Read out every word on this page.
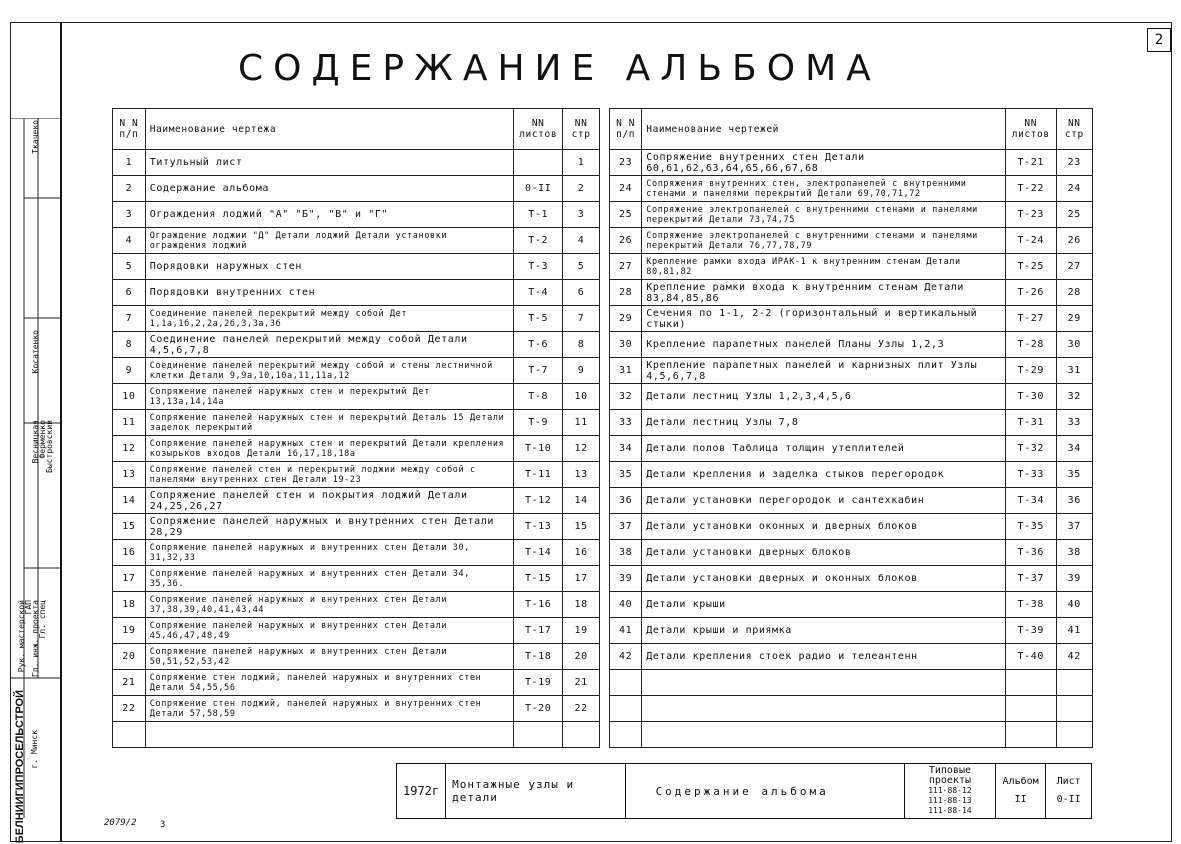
2
СОДЕРЖАНИЕ АЛЬБОМА
N N п/п	Наименование чертежа	NN листов	NN стр
1	Титульный лист		1
2	Содержание альбома	0-II	2
3	Ограждения лоджий "А" "Б", "В" и "Г"	Т-1	3
4	Ограждение лоджии "Д" Детали лоджий Детали установки ограждения лоджий	Т-2	4
5	Порядовки наружных стен	Т-3	5
6	Порядовки внутренних стен	Т-4	6
7	Соединение панелей перекрытий между собой Дет 1,1а,1б,2,2а,2б,3,3а,3б	Т-5	7
8	Соединение панелей перекрытий между собой Детали 4,5,6,7,8	Т-6	8
9	Соединение панелей перекрытий между собой и стены лестничной клетки Детали 9,9а,10,10а,11,11а,12	Т-7	9
10	Сопряжение панелей наружных стен и перекрытий Дет 13,13а,14,14а	Т-8	10
11	Сопряжение панелей наружных стен и перекрытий Деталь 15 Детали заделок перекрытий	Т-9	11
12	Сопряжение панелей наружных стен и перекрытий Детали крепления козырьков входов Детали 16,17,18,18а	Т-10	12
13	Сопряжение панелей стен и перекрытий лоджии между собой с панелями внутренних стен Детали 19-23	Т-11	13
14	Сопряжение панелей стен и покрытия лоджий Детали 24,25,26,27	Т-12	14
15	Сопряжение панелей наружных и внутренних стен Детали 28,29	Т-13	15
16	Сопряжение панелей наружных и внутренних стен Детали 30, 31,32,33	Т-14	16
17	Сопряжение панелей наружных и внутренних стен Детали 34, 35,36.	Т-15	17
18	Сопряжение панелей наружных и внутренних стен Детали 37,38,39,40,41,43,44	Т-16	18
19	Сопряжение панелей наружных и внутренних стен Детали 45,46,47,48,49	Т-17	19
20	Сопряжение панелей наружных и внутренних стен Детали 50,51,52,53,42	Т-18	20
21	Сопряжение стен лоджий, панелей наружных и внутренних стен Детали 54,55,56	Т-19	21
22	Сопряжение стен лоджий, панелей наружных и внутренних стен Детали 57,58,59	Т-20	22

N N п/п	Наименование чертежей	NN листов	NN стр
23	Сопряжение внутренних стен Детали 60,61,62,63,64,65,66,67,68	Т-21	23
24	Сопряжения внутренних стен, электропанелей с внутренними стенами и панелями перекрытий Детали 69,70,71,72	Т-22	24
25	Сопряжение электропанелей с внутренними стенами и панелями перекрытий Детали 73,74,75	Т-23	25
26	Сопряжение электропанелей с внутренними стенами и панелями перекрытий Детали 76,77,78,79	Т-24	26
27	Крепление рамки входа ИРАК-1 к внутренним стенам Детали 80,81,82	Т-25	27
28	Крепление рамки входа к внутренним стенам Детали 83,84,85,86	Т-26	28
29	Сечения по 1-1, 2-2 (горизонтальный и вертикальный стыки)	Т-27	29
30	Крепление парапетных панелей Планы Узлы 1,2,3	Т-28	30
31	Крепление парапетных панелей и карнизных плит Узлы 4,5,6,7,8	Т-29	31
32	Детали лестниц Узлы 1,2,3,4,5,6	Т-30	32
33	Детали лестниц Узлы 7,8	Т-31	33
34	Детали полов Таблица толщин утеплителей	Т-32	34
35	Детали крепления и заделка стыков перегородок	Т-33	35
36	Детали установки перегородок и сантехкабин	Т-34	36
37	Детали установки оконных и дверных блоков	Т-35	37
38	Детали установки дверных блоков	Т-36	38
39	Детали установки дверных и оконных блоков	Т-37	39
40	Детали крыши	Т-38	40
41	Детали крыши и приямка	Т-39	41
42	Детали крепления стоек радио и телеантенн	Т-40	42

1972г	Монтажные узлы и детали	Содержание альбома	
Типовые проекты
111-88-12
111-88-13
111-88-14

Альбом
II

Лист
0-II
Ткачеко
Косатенко
Весницкая
Ферменко
Быстровский
Рук. мастерской
ГАП
Гл. инж. проекта
Гл. спец
БЕЛНИИГИПРОСЕЛЬСТРОЙ г. Минск
2079/2	3
